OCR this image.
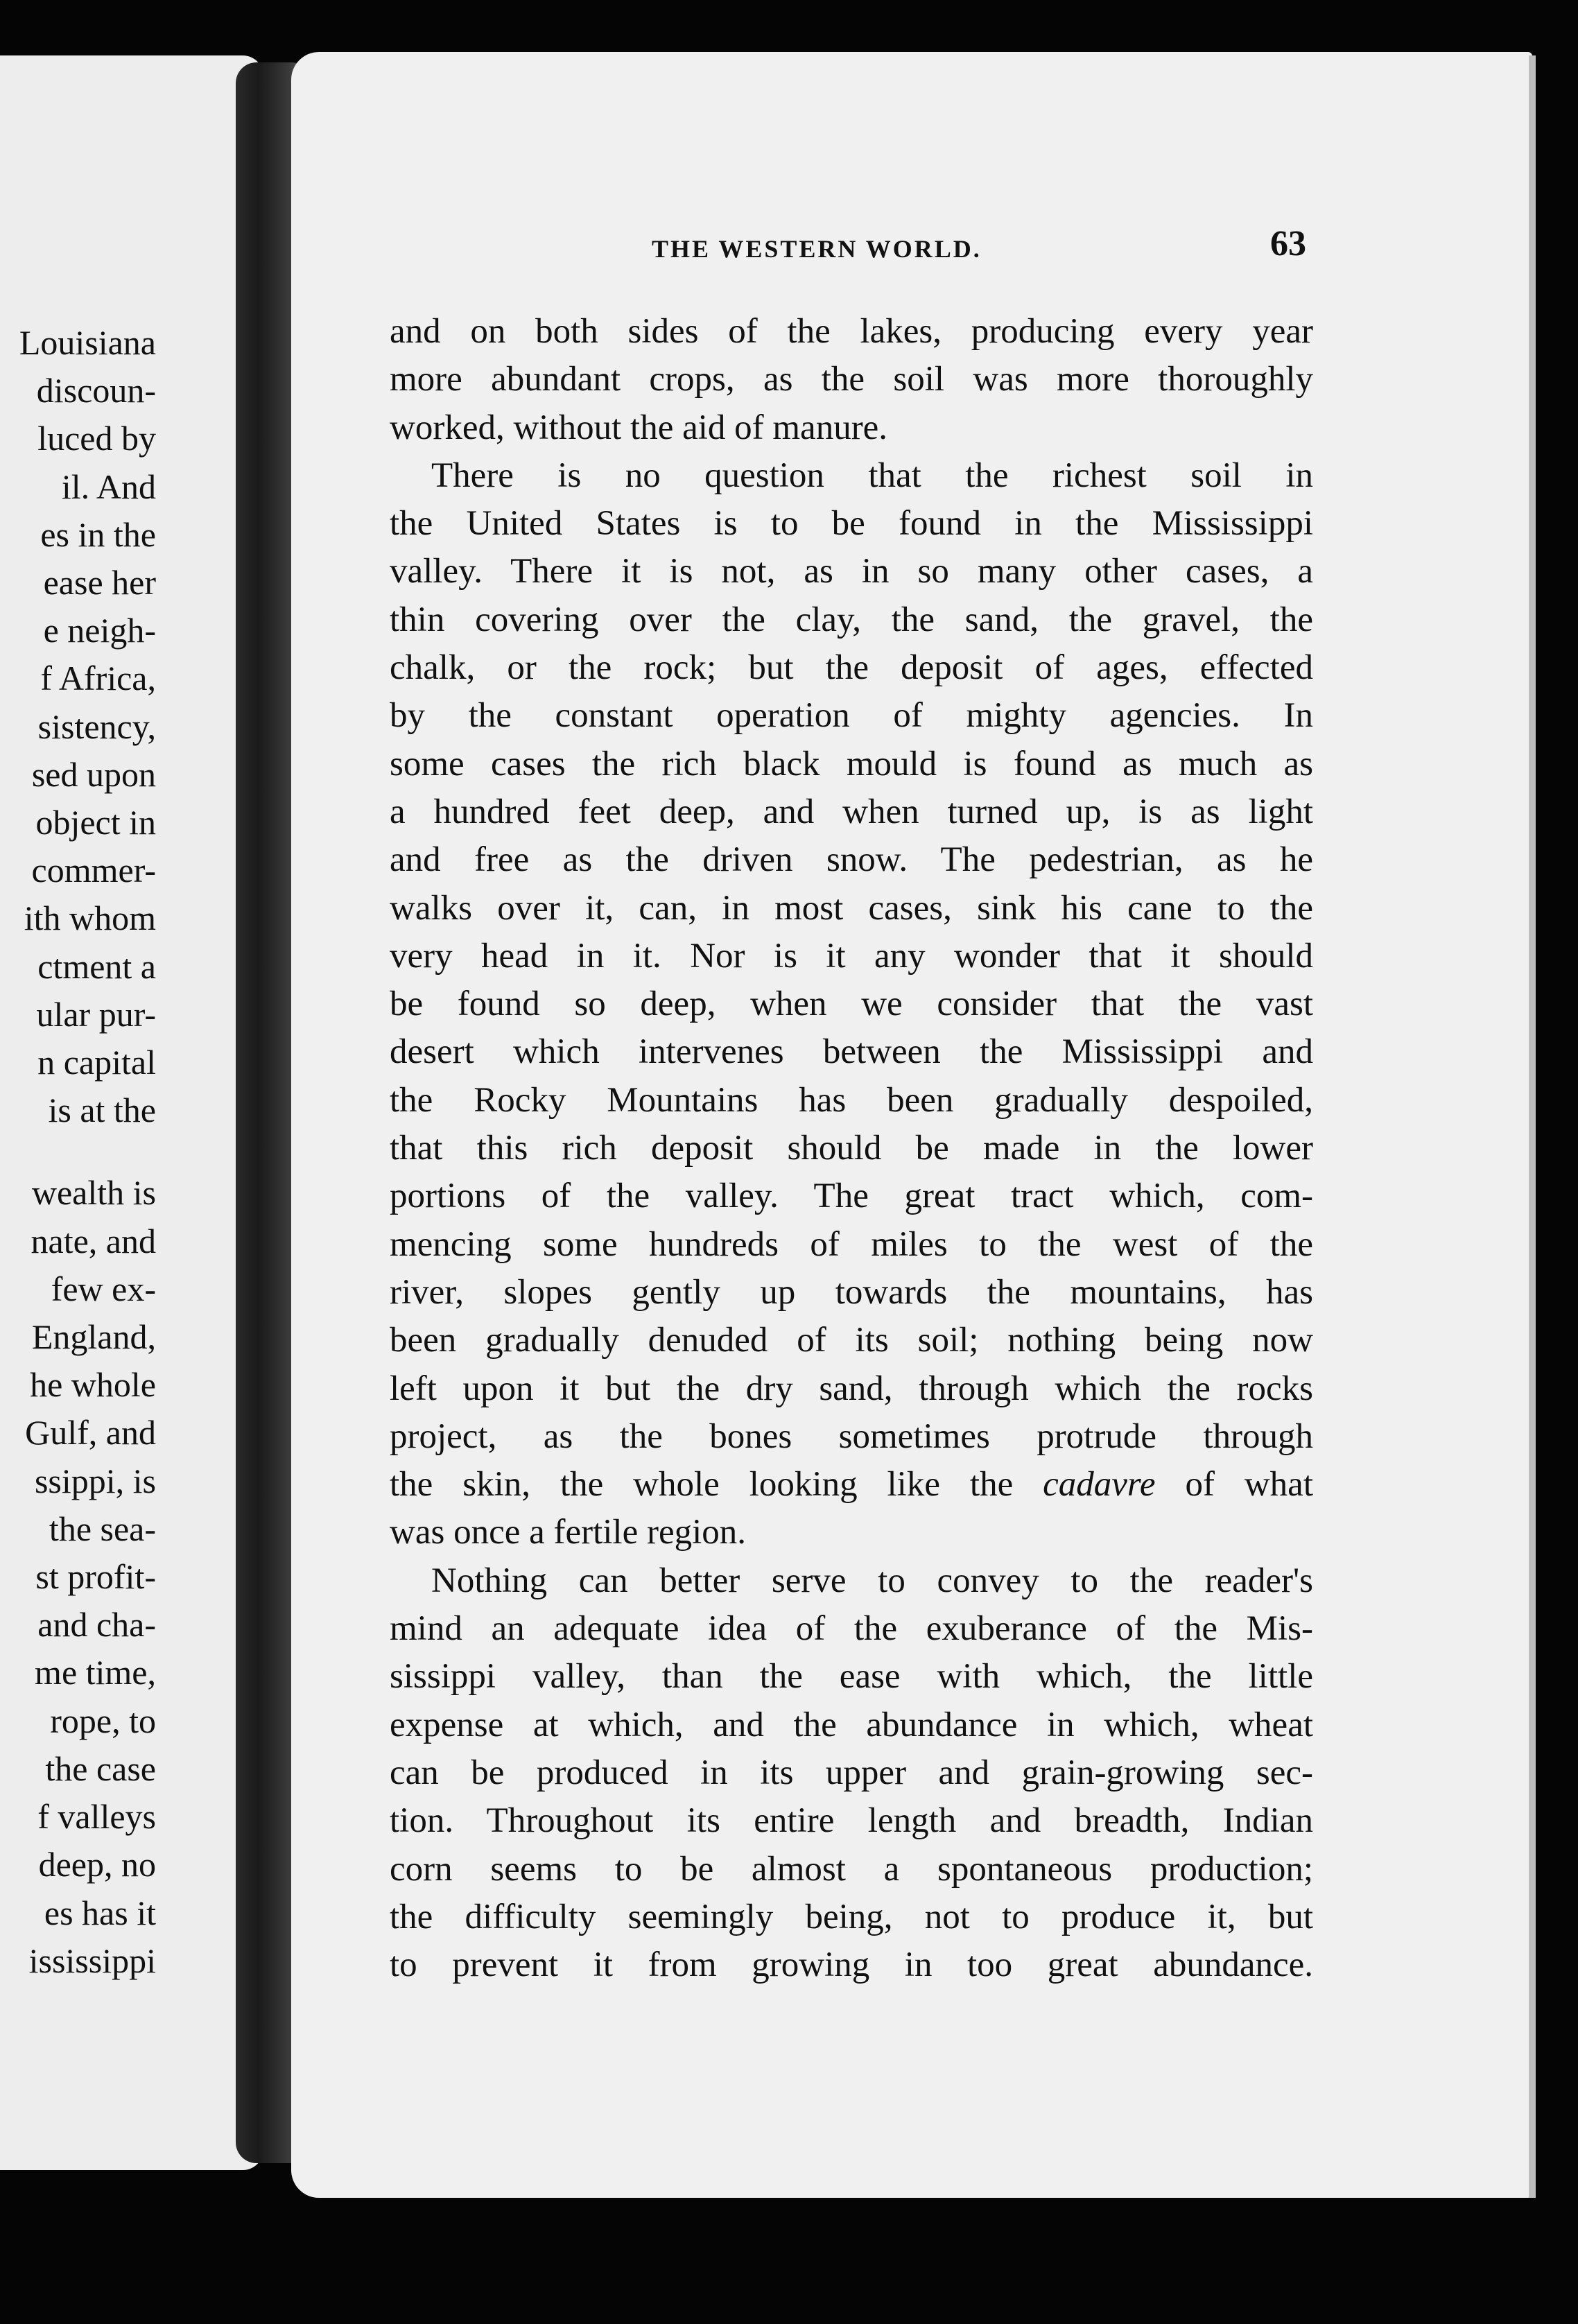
Louisiana
discoun-
luced by
il. And
es in the
ease her
e neigh-
f Africa,
sistency,
sed upon
object in
commer-
ith whom
ctment a
ular pur-
n capital
is at the
wealth is
nate, and
few ex-
England,
he whole
Gulf, and
ssippi, is
the sea-
st profit-
and cha-
me time,
rope, to
the case
f valleys
deep, no
es has it
ississippi
THE WESTERN WORLD.	63
and on both sides of the lakes, producing every year
more abundant crops, as the soil was more thoroughly
worked, without the aid of manure.
There is no question that the richest soil in
the United States is to be found in the Mississippi
valley. There it is not, as in so many other cases, a
thin covering over the clay, the sand, the gravel, the
chalk, or the rock; but the deposit of ages, effected
by the constant operation of mighty agencies. In
some cases the rich black mould is found as much as
a hundred feet deep, and when turned up, is as light
and free as the driven snow. The pedestrian, as he
walks over it, can, in most cases, sink his cane to the
very head in it. Nor is it any wonder that it should
be found so deep, when we consider that the vast
desert which intervenes between the Mississippi and
the Rocky Mountains has been gradually despoiled,
that this rich deposit should be made in the lower
portions of the valley. The great tract which, com-
mencing some hundreds of miles to the west of the
river, slopes gently up towards the mountains, has
been gradually denuded of its soil; nothing being now
left upon it but the dry sand, through which the rocks
project, as the bones sometimes protrude through
the skin, the whole looking like the cadavre of what
was once a fertile region.
Nothing can better serve to convey to the reader's
mind an adequate idea of the exuberance of the Mis-
sissippi valley, than the ease with which, the little
expense at which, and the abundance in which, wheat
can be produced in its upper and grain-growing sec-
tion. Throughout its entire length and breadth, Indian
corn seems to be almost a spontaneous production;
the difficulty seemingly being, not to produce it, but
to prevent it from growing in too great abundance.
